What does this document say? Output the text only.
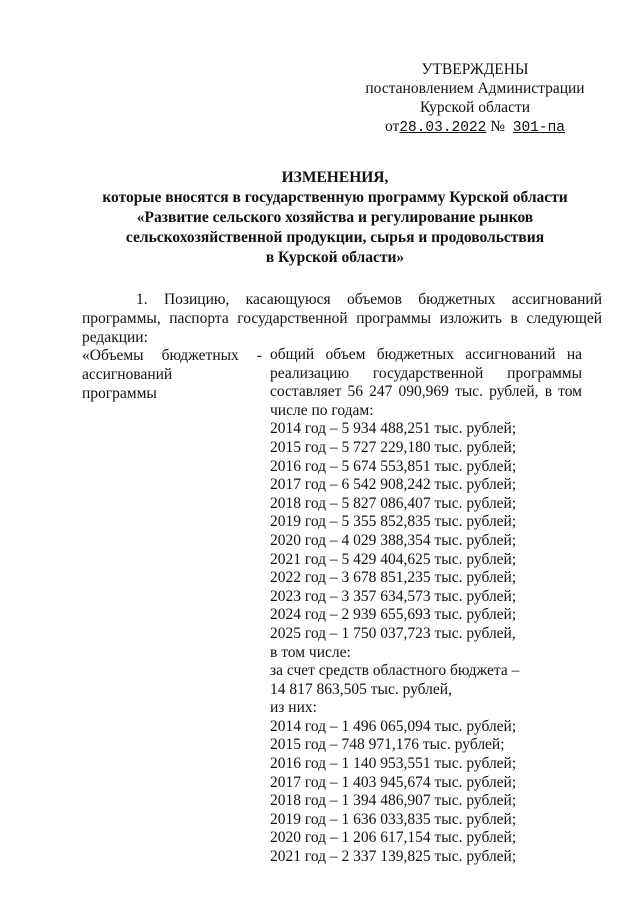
УТВЕРЖДЕНЫ
постановлением Администрации
Курской области
от28.03.2022 № 301-па
ИЗМЕНЕНИЯ,
которые вносятся в государственную программу Курской области
«Развитие сельского хозяйства и регулирование рынков
сельскохозяйственной продукции, сырья и продовольствия
в Курской области»
1. Позицию, касающуюся объемов бюджетных ассигнований
программы, паспорта государственной программы изложить в следующей
редакции:
«Объемы бюджетных -
ассигнований
программы
общий объем бюджетных ассигнований на
реализацию государственной программы
составляет 56 247 090,969 тыс. рублей, в том
числе по годам:
2014 год – 5 934 488,251 тыс. рублей;
2015 год – 5 727 229,180 тыс. рублей;
2016 год – 5 674 553,851 тыс. рублей;
2017 год – 6 542 908,242 тыс. рублей;
2018 год – 5 827 086,407 тыс. рублей;
2019 год – 5 355 852,835 тыс. рублей;
2020 год – 4 029 388,354 тыс. рублей;
2021 год – 5 429 404,625 тыс. рублей;
2022 год – 3 678 851,235 тыс. рублей;
2023 год – 3 357 634,573 тыс. рублей;
2024 год – 2 939 655,693 тыс. рублей;
2025 год – 1 750 037,723 тыс. рублей,
в том числе:
за счет средств областного бюджета –
14 817 863,505 тыс. рублей,
из них:
2014 год – 1 496 065,094 тыс. рублей;
2015 год – 748 971,176 тыс. рублей;
2016 год – 1 140 953,551 тыс. рублей;
2017 год – 1 403 945,674 тыс. рублей;
2018 год – 1 394 486,907 тыс. рублей;
2019 год – 1 636 033,835 тыс. рублей;
2020 год – 1 206 617,154 тыс. рублей;
2021 год – 2 337 139,825 тыс. рублей;
